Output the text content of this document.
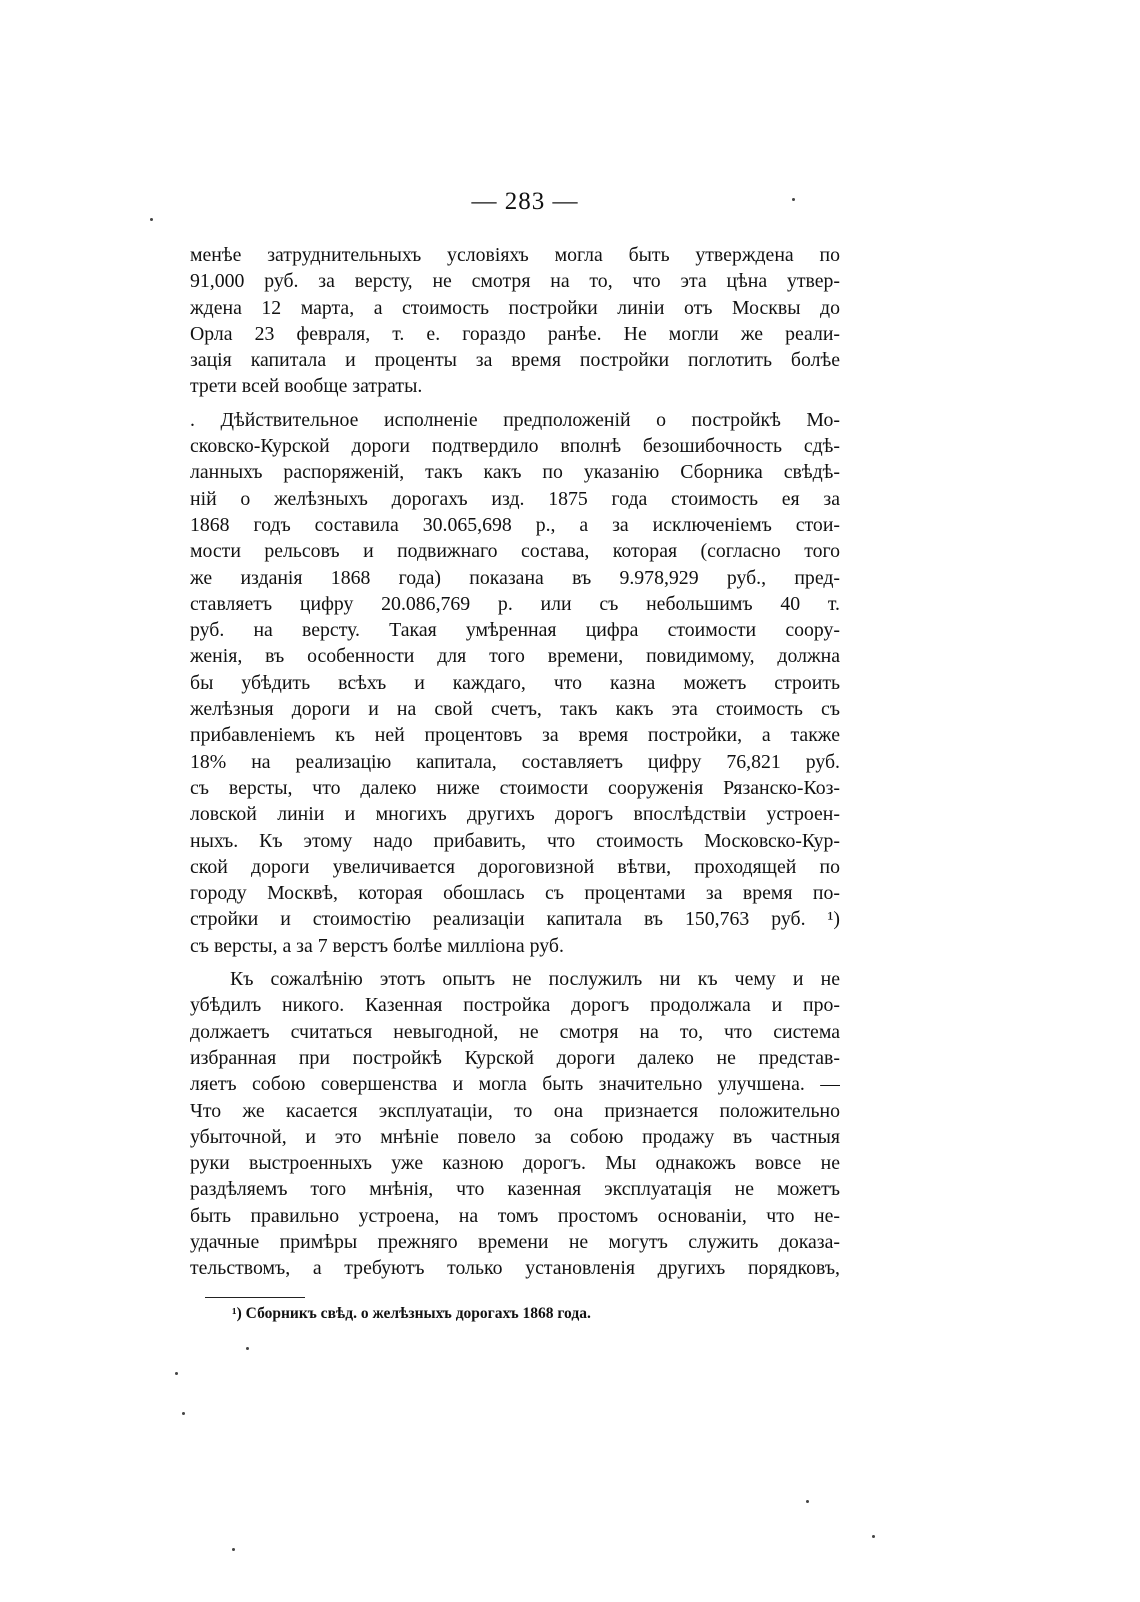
— 283 —
менѣе затруднительныхъ условіяхъ могла быть утверждена по
91,000 руб. за версту, не смотря на то, что эта цѣна утвер-
ждена 12 марта, а стоимость постройки линіи отъ Москвы до
Орла 23 февраля, т. е. гораздо ранѣе. Не могли же реали-
зація капитала и проценты за время постройки поглотить болѣе
трети всей вообще затраты.
. Дѣйствительное исполненіе предположеній о постройкѣ Мо-
сковско-Курской дороги подтвердило вполнѣ безошибочность сдѣ-
ланныхъ распоряженій, такъ какъ по указанію Сборника свѣдѣ-
ній о желѣзныхъ дорогахъ изд. 1875 года стоимость ея за
1868 годъ составила 30.065,698 р., а за исключеніемъ стои-
мости рельсовъ и подвижнаго состава, которая (согласно того
же изданія 1868 года) показана въ 9.978,929 руб., пред-
ставляетъ цифру 20.086,769 р. или съ небольшимъ 40 т.
руб. на версту. Такая умѣренная цифра стоимости соору-
женія, въ особенности для того времени, повидимому, должна
бы убѣдить всѣхъ и каждаго, что казна можетъ строить
желѣзныя дороги и на свой счетъ, такъ какъ эта стоимость съ
прибавленіемъ къ ней процентовъ за время постройки, а также
18% на реализацію капитала, составляетъ цифру 76,821 руб.
съ версты, что далеко ниже стоимости сооруженія Рязанско-Коз-
ловской линіи и многихъ другихъ дорогъ впослѣдствіи устроен-
ныхъ. Къ этому надо прибавить, что стоимость Московско-Кур-
ской дороги увеличивается дороговизной вѣтви, проходящей по
городу Москвѣ, которая обошлась съ процентами за время по-
стройки и стоимостію реализаціи капитала въ 150,763 руб. ¹)
съ версты, а за 7 верстъ болѣе милліона руб.
Къ сожалѣнію этотъ опытъ не послужилъ ни къ чему и не
убѣдилъ никого. Казенная постройка дорогъ продолжала и про-
должаетъ считаться невыгодной, не смотря на то, что система
избранная при постройкѣ Курской дороги далеко не представ-
ляетъ собою совершенства и могла быть значительно улучшена. —
Что же касается эксплуатаціи, то она признается положительно
убыточной, и это мнѣніе повело за собою продажу въ частныя
руки выстроенныхъ уже казною дорогъ. Мы однакожъ вовсе не
раздѣляемъ того мнѣнія, что казенная эксплуатація не можетъ
быть правильно устроена, на томъ простомъ основаніи, что не-
удачные примѣры прежняго времени не могутъ служить доказа-
тельствомъ, а требуютъ только установленія другихъ порядковъ,
¹) Сборникъ свѣд. о желѣзныхъ дорогахъ 1868 года.
